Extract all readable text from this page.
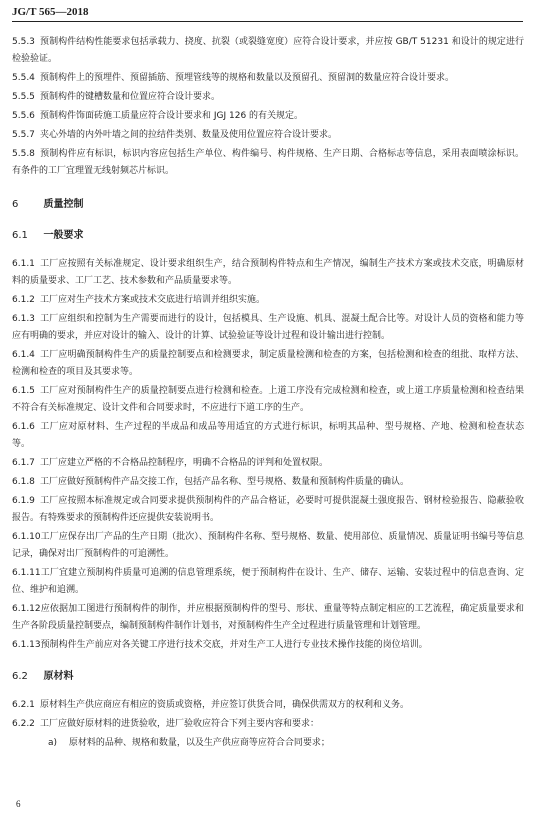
JG/T 565—2018
5.5.3 预制构件结构性能要求包括承载力、挠度、抗裂（或裂缝宽度）应符合设计要求，并应按 GB/T 51231 和设计的规定进行检验验证。
5.5.4 预制构件上的预埋件、预留插筋、预埋管线等的规格和数量以及预留孔、预留洞的数量应符合设计要求。
5.5.5 预制构件的键槽数量和位置应符合设计要求。
5.5.6 预制构件饰面砖施工质量应符合设计要求和 JGJ 126 的有关规定。
5.5.7 夹心外墙的内外叶墙之间的拉结件类别、数量及使用位置应符合设计要求。
5.5.8 预制构件应有标识，标识内容应包括生产单位、构件编号、构件规格、生产日期、合格标志等信息，采用表面喷涂标识。有条件的工厂宜理置无线射频芯片标识。
6	质量控制
6.1 一般要求
6.1.1 工厂应按照有关标准规定、设计要求组织生产，结合预制构件特点和生产情况，编制生产技术方案或技术交底，明确原材料的质量要求、工厂工艺、技术参数和产品质量要求等。
6.1.2 工厂应对生产技术方案或技术交底进行培训并组织实施。
6.1.3 工厂应组织和控制为生产需要而进行的设计，包括模具、生产设施、机具、混凝土配合比等。对设计人员的资格和能力等应有明确的要求，并应对设计的输入、设计的计算、试验验证等设计过程和设计输出进行控制。
6.1.4 工厂应明确预制构件生产的质量控制要点和检测要求，制定质量检测和检查的方案，包括检测和检查的组批、取样方法、检测和检查的项目及其要求等。
6.1.5 工厂应对预制构件生产的质量控制要点进行检测和检查。上道工序没有完成检测和检查，或上道工序质量检测和检查结果不符合有关标准规定、设计文件和合同要求时，不应进行下道工序的生产。
6.1.6 工厂应对原材料、生产过程的半成品和成品等用适宜的方式进行标识，标明其品种、型号规格、产地、检测和检查状态等。
6.1.7 工厂应建立严格的不合格品控制程序，明确不合格品的评判和处置权限。
6.1.8 工厂应做好预制构件产品交接工作，包括产品名称、型号规格、数量和预制构件质量的确认。
6.1.9 工厂应按照本标准规定或合同要求提供预制构件的产品合格证，必要时可提供混凝土强度报告、钢材检验报告、隐蔽验收报告。有特殊要求的预制构件还应提供安装说明书。
6.1.10工厂应保存出厂产品的生产日期（批次）、预制构件名称、型号规格、数量、使用部位、质量情况、质量证明书编号等信息记录，确保对出厂预制构件的可追溯性。
6.1.11工厂宜建立预制构件质量可追溯的信息管理系统，便于预制构件在设计、生产、储存、运输、安装过程中的信息查询、定位、维护和追溯。
6.1.12应依据加工图进行预制构件的制作，并应根据预制构件的型号、形状、重量等特点制定相应的工艺流程，确定质量要求和生产各阶段质量控制要点，编制预制构件制作计划书，对预制构件生产全过程进行质量管理和计划管理。
6.1.13预制构件生产前应对各关键工序进行技术交底，并对生产工人进行专业技术操作技能的岗位培训。
6.2 原材料
6.2.1 原材料生产供应商应有相应的资质或资格，并应签订供货合同，确保供需双方的权利和义务。
6.2.2 工厂应做好原材料的进货验收，进厂验收应符合下列主要内容和要求：
a) 原材料的品种、规格和数量，以及生产供应商等应符合合同要求；
6
